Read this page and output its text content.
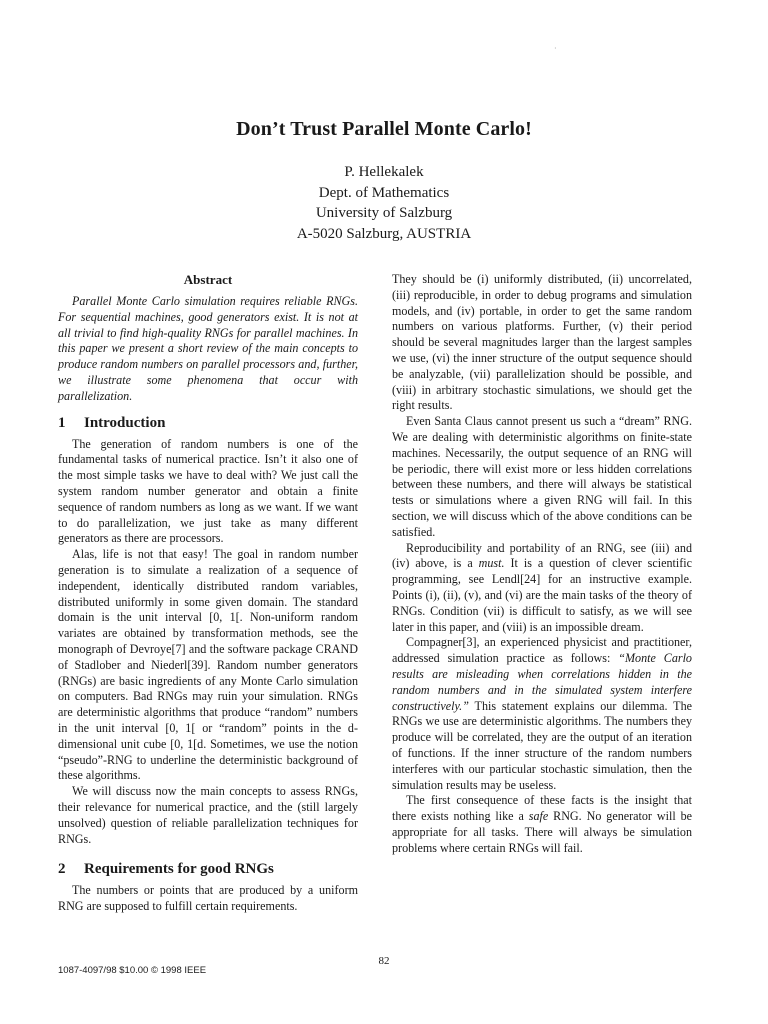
·
Don’t Trust Parallel Monte Carlo!
P. Hellekalek
Dept. of Mathematics
University of Salzburg
A-5020 Salzburg, AUSTRIA
Abstract

Parallel Monte Carlo simulation requires reliable RNGs. For sequential machines, good generators exist. It is not at all trivial to find high-quality RNGs for parallel machines. In this paper we present a short review of the main concepts to produce random numbers on parallel processors and, further, we illustrate some phenomena that occur with parallelization.

1 Introduction

The generation of random numbers is one of the fundamental tasks of numerical practice. Isn’t it also one of the most simple tasks we have to deal with? We just call the system random number generator and obtain a finite sequence of random numbers as long as we want. If we want to do parallelization, we just take as many different generators as there are processors.

Alas, life is not that easy! The goal in random number generation is to simulate a realization of a sequence of independent, identically distributed random variables, distributed uniformly in some given domain. The standard domain is the unit interval [0, 1[. Non-uniform random variates are obtained by transformation methods, see the monograph of Devroye[7] and the software package CRAND of Stadlober and Niederl[39]. Random number generators (RNGs) are basic ingredients of any Monte Carlo simulation on computers. Bad RNGs may ruin your simulation. RNGs are deterministic algorithms that produce “random” numbers in the unit interval [0, 1[ or “random” points in the d-dimensional unit cube [0, 1[d. Sometimes, we use the notion “pseudo”-RNG to underline the deterministic background of these algorithms.

We will discuss now the main concepts to assess RNGs, their relevance for numerical practice, and the (still largely unsolved) question of reliable parallelization techniques for RNGs.

2 Requirements for good RNGs

The numbers or points that are produced by a uniform RNG are supposed to fulfill certain requirements.

They should be (i) uniformly distributed, (ii) uncorrelated, (iii) reproducible, in order to debug programs and simulation models, and (iv) portable, in order to get the same random numbers on various platforms. Further, (v) their period should be several magnitudes larger than the largest samples we use, (vi) the inner structure of the output sequence should be analyzable, (vii) parallelization should be possible, and (viii) in arbitrary stochastic simulations, we should get the right results.

Even Santa Claus cannot present us such a “dream” RNG. We are dealing with deterministic algorithms on finite-state machines. Necessarily, the output sequence of an RNG will be periodic, there will exist more or less hidden correlations between these numbers, and there will always be statistical tests or simulations where a given RNG will fail. In this section, we will discuss which of the above conditions can be satisfied.

Reproducibility and portability of an RNG, see (iii) and (iv) above, is a must. It is a question of clever scientific programming, see Lendl[24] for an instructive example. Points (i), (ii), (v), and (vi) are the main tasks of the theory of RNGs. Condition (vii) is difficult to satisfy, as we will see later in this paper, and (viii) is an impossible dream.

Compagner[3], an experienced physicist and practitioner, addressed simulation practice as follows: “Monte Carlo results are misleading when correlations hidden in the random numbers and in the simulated system interfere constructively.” This statement explains our dilemma. The RNGs we use are deterministic algorithms. The numbers they produce will be correlated, they are the output of an iteration of functions. If the inner structure of the random numbers interferes with our particular stochastic simulation, then the simulation results may be useless.

The first consequence of these facts is the insight that there exists nothing like a safe RNG. No generator will be appropriate for all tasks. There will always be simulation problems where certain RNGs will fail.

82
1087-4097/98 $10.00 © 1998 IEEE
